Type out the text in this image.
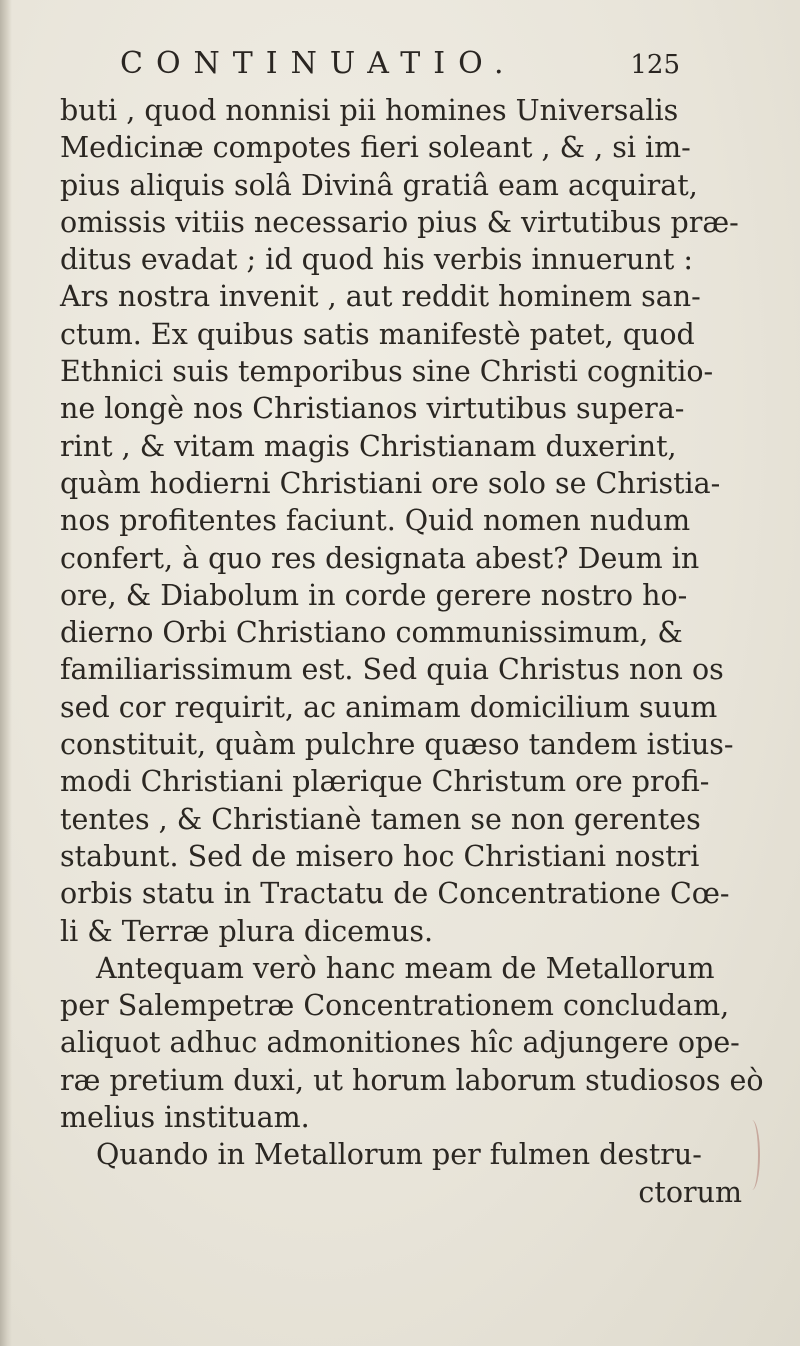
CONTINUATIO.	125
buti , quod nonnisi pii homines Universalis
Medicinæ compotes fieri soleant , & , si im-
pius aliquis solâ Divinâ gratiâ eam acquirat,
omissis vitiis necessario pius & virtutibus præ-
ditus evadat ; id quod his verbis innuerunt :
Ars nostra invenit , aut reddit hominem san-
ctum. Ex quibus satis manifestè patet, quod
Ethnici suis temporibus sine Christi cognitio-
ne longè nos Christianos virtutibus supera-
rint , & vitam magis Christianam duxerint,
quàm hodierni Christiani ore solo se Christia-
nos profitentes faciunt. Quid nomen nudum
confert, à quo res designata abest? Deum in
ore, & Diabolum in corde gerere nostro ho-
dierno Orbi Christiano communissimum, &
familiarissimum est. Sed quia Christus non os
sed cor requirit, ac animam domicilium suum
constituit, quàm pulchre quæso tandem istius-
modi Christiani plærique Christum ore profi-
tentes , & Christianè tamen se non gerentes
stabunt. Sed de misero hoc Christiani nostri
orbis statu in Tractatu de Concentratione Cœ-
li & Terræ plura dicemus.
Antequam verò hanc meam de Metallorum
per Salempetræ Concentrationem concludam,
aliquot adhuc admonitiones hîc adjungere ope-
ræ pretium duxi, ut horum laborum studiosos eò
melius instituam.
Quando in Metallorum per fulmen destru-
ctorum
